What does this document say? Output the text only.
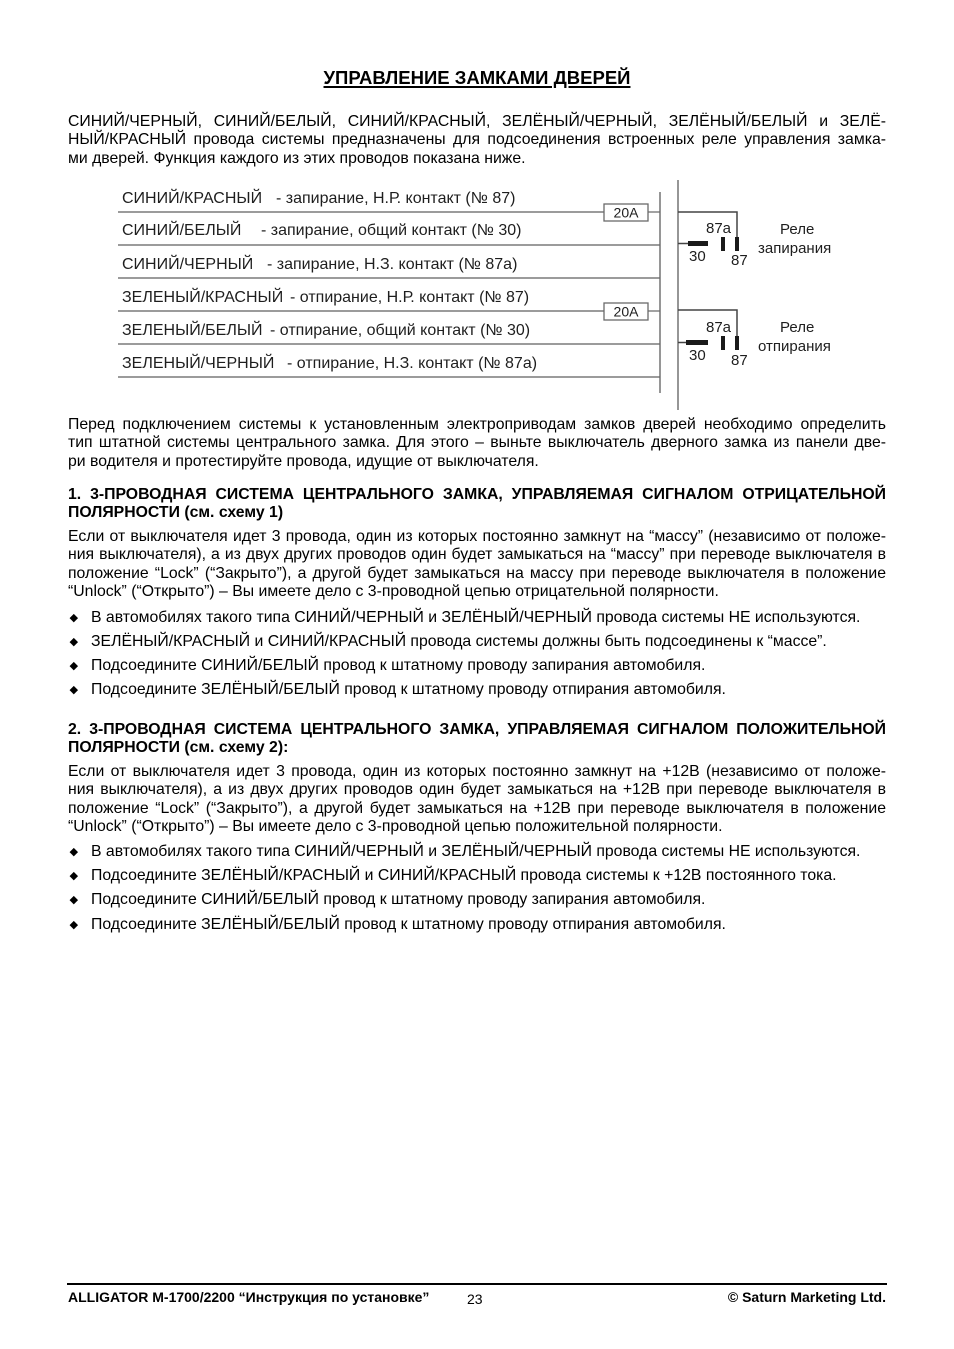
УПРАВЛЕНИЕ ЗАМКАМИ ДВЕРЕЙ
СИНИЙ/ЧЕРНЫЙ, СИНИЙ/БЕЛЫЙ, СИНИЙ/КРАСНЫЙ, ЗЕЛЁНЫЙ/ЧЕРНЫЙ, ЗЕЛЁНЫЙ/БЕЛЫЙ и ЗЕЛЁ-
НЫЙ/КРАСНЫЙ провода системы предназначены для подсоединения встроенных реле управления замка-
ми дверей. Функция каждого из этих проводов показана ниже.
20A
20A
СИНИЙ/КРАСНЫЙ - запирание, Н.Р. контакт (№ 87)
СИНИЙ/БЕЛЫЙ - запирание, общий контакт (№ 30)
СИНИЙ/ЧЕРНЫЙ - запирание, Н.З. контакт (№ 87a)
ЗЕЛЕНЫЙ/КРАСНЫЙ - отпирание, Н.Р. контакт (№ 87)
ЗЕЛЕНЫЙ/БЕЛЫЙ - отпирание, общий контакт (№ 30)
ЗЕЛЕНЫЙ/ЧЕРНЫЙ - отпирание, Н.З. контакт (№ 87a)
87a
30 87
Реле
запирания
87a
30 87
Реле
отпирания
Перед подключением системы к установленным электроприводам замков дверей необходимо определить
тип штатной системы центрального замка. Для этого – выньте выключатель дверного замка из панели две-
ри водителя и протестируйте провода, идущие от выключателя.
1. 3-ПРОВОДНАЯ СИСТЕМА ЦЕНТРАЛЬНОГО ЗАМКА, УПРАВЛЯЕМАЯ СИГНАЛОМ ОТРИЦАТЕЛЬНОЙ
ПОЛЯРНОСТИ (см. схему 1)
Если от выключателя идет 3 провода, один из которых постоянно замкнут на “массу” (независимо от положе-
ния выключателя), а из двух других проводов один будет замыкаться на “массу” при переводе выключателя в
положение “Lock” (“Закрыто”), а другой будет замыкаться на массу при переводе выключателя в положение
“Unlock” (“Открыто”) – Вы имеете дело с 3-проводной цепью отрицательной полярности.
В автомобилях такого типа СИНИЙ/ЧЕРНЫЙ и ЗЕЛЁНЫЙ/ЧЕРНЫЙ провода системы НЕ используются.
ЗЕЛЁНЫЙ/КРАСНЫЙ и СИНИЙ/КРАСНЫЙ провода системы должны быть подсоединены к “массе”.
Подсоедините СИНИЙ/БЕЛЫЙ провод к штатному проводу запирания автомобиля.
Подсоедините ЗЕЛЁНЫЙ/БЕЛЫЙ провод к штатному проводу отпирания автомобиля.
2. 3-ПРОВОДНАЯ СИСТЕМА ЦЕНТРАЛЬНОГО ЗАМКА, УПРАВЛЯЕМАЯ СИГНАЛОМ ПОЛОЖИТЕЛЬНОЙ
ПОЛЯРНОСТИ (см. схему 2):
Если от выключателя идет 3 провода, один из которых постоянно замкнут на +12В (независимо от положе-
ния выключателя), а из двух других проводов один будет замыкаться на +12В при переводе выключателя в
положение “Lock” (“Закрыто”), а другой будет замыкаться на +12В при переводе выключателя в положение
“Unlock” (“Открыто”) – Вы имеете дело с 3-проводной цепью положительной полярности.
В автомобилях такого типа СИНИЙ/ЧЕРНЫЙ и ЗЕЛЁНЫЙ/ЧЕРНЫЙ провода системы НЕ используются.
Подсоедините ЗЕЛЁНЫЙ/КРАСНЫЙ и СИНИЙ/КРАСНЫЙ провода системы к +12В постоянного тока.
Подсоедините СИНИЙ/БЕЛЫЙ провод к штатному проводу запирания автомобиля.
Подсоедините ЗЕЛЁНЫЙ/БЕЛЫЙ провод к штатному проводу отпирания автомобиля.
ALLIGATOR M-1700/2200 “Инструкция по установке”	23	© Saturn Marketing Ltd.
